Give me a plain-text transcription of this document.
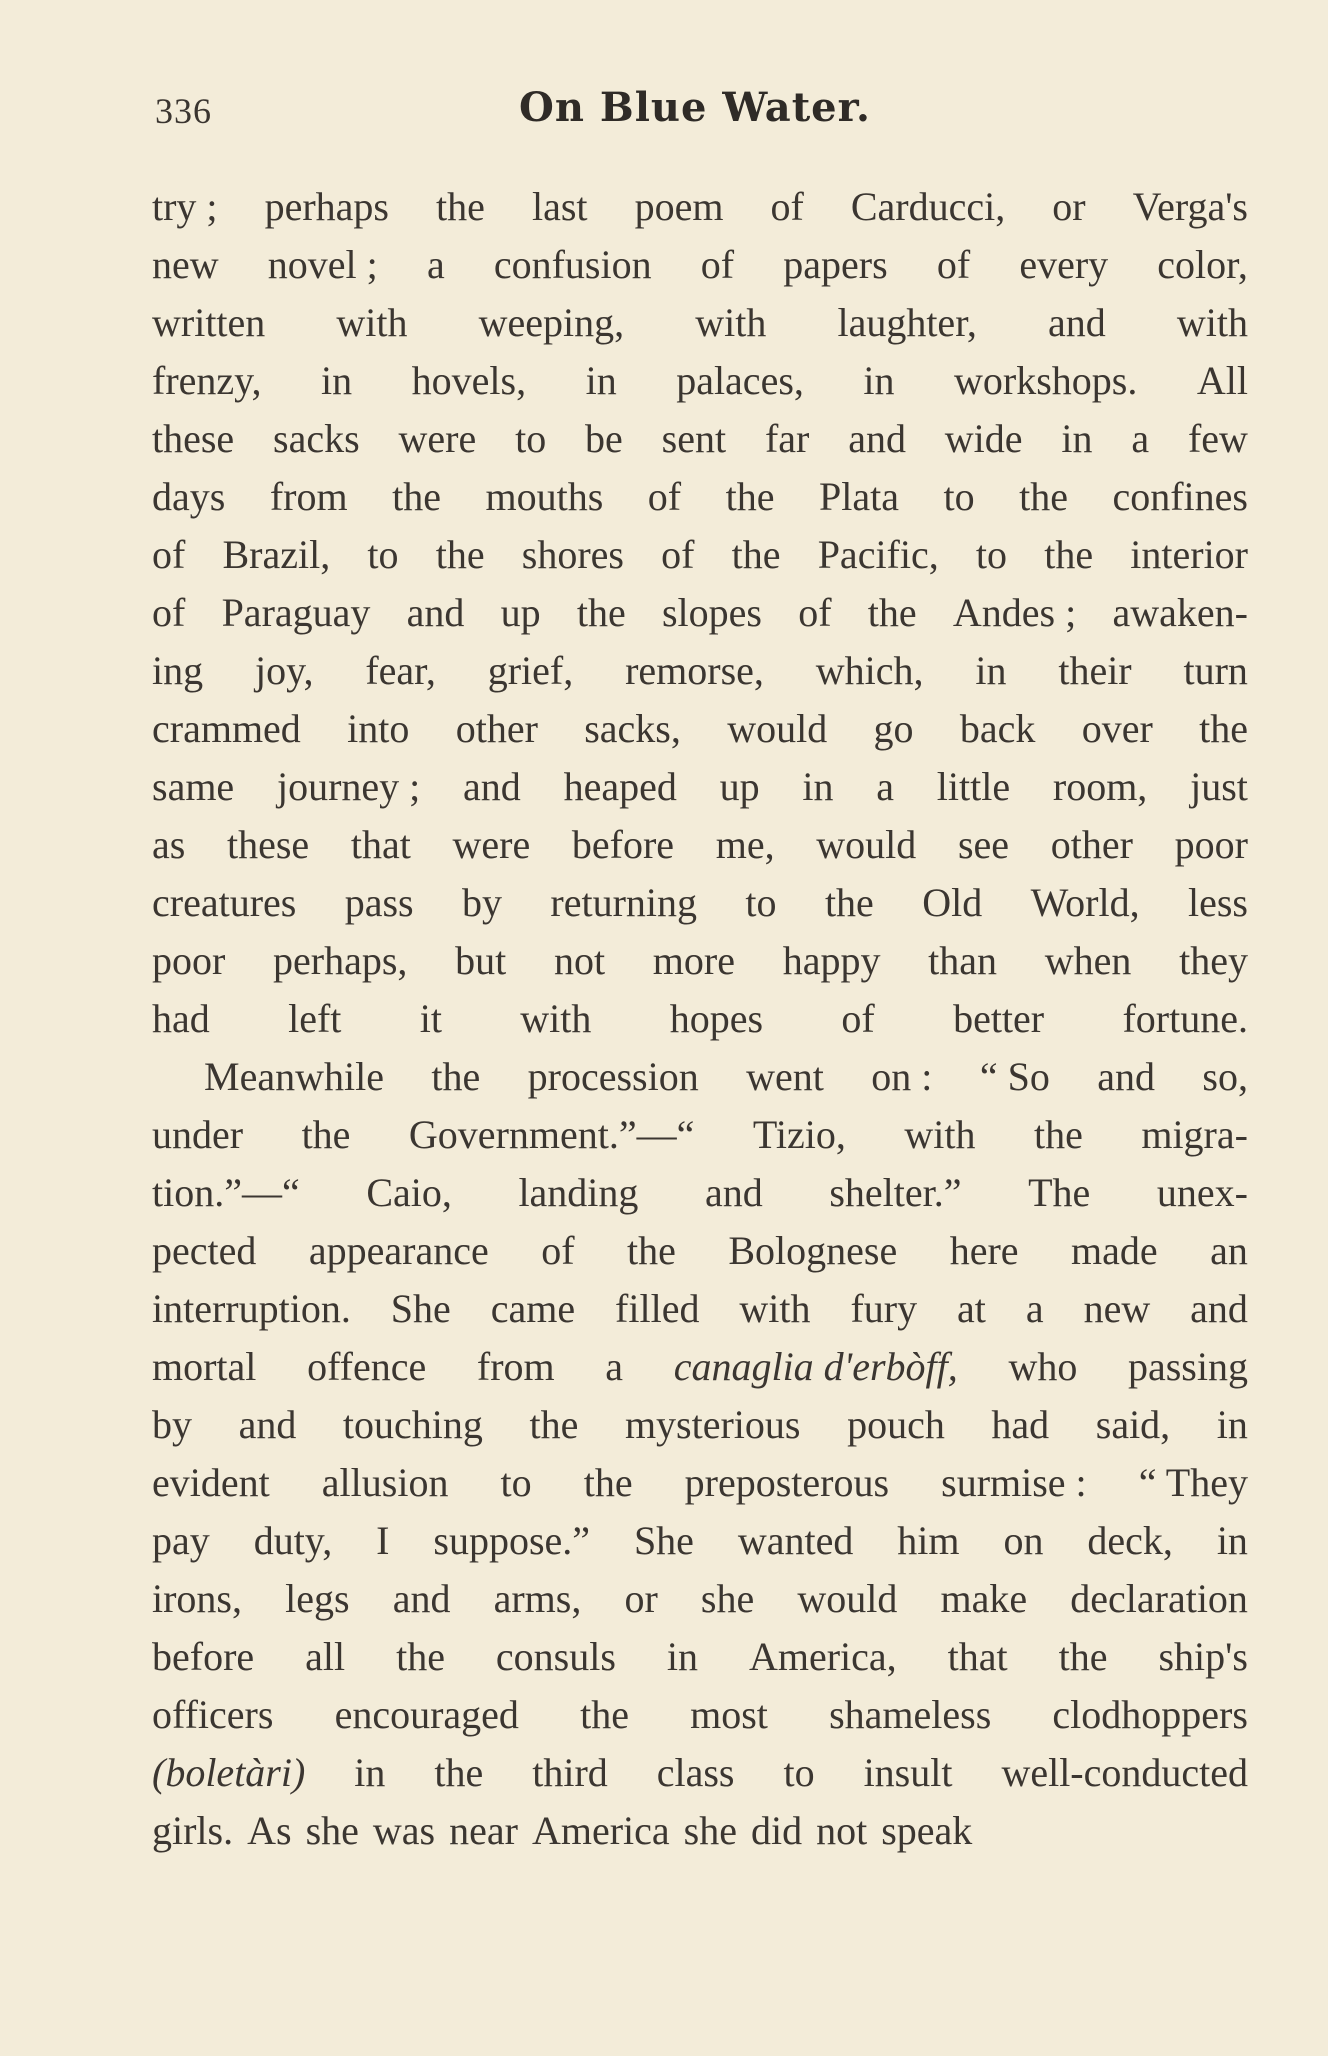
336	On Blue Water.
try ; perhaps the last poem of Carducci, or Verga's
new novel ; a confusion of papers of every color,
written with weeping, with laughter, and with
frenzy, in hovels, in palaces, in workshops. All
these sacks were to be sent far and wide in a few
days from the mouths of the Plata to the confines
of Brazil, to the shores of the Pacific, to the interior
of Paraguay and up the slopes of the Andes ; awaken-
ing joy, fear, grief, remorse, which, in their turn
crammed into other sacks, would go back over the
same journey ; and heaped up in a little room, just
as these that were before me, would see other poor
creatures pass by returning to the Old World, less
poor perhaps, but not more happy than when they
had left it with hopes of better fortune.
Meanwhile the procession went on : “ So and so,
under the Government.”—“ Tizio, with the migra-
tion.”—“ Caio, landing and shelter.” The unex-
pected appearance of the Bolognese here made an
interruption. She came filled with fury at a new and
mortal offence from a canaglia d'erbòff, who passing
by and touching the mysterious pouch had said, in
evident allusion to the preposterous surmise : “ They
pay duty, I suppose.” She wanted him on deck, in
irons, legs and arms, or she would make declaration
before all the consuls in America, that the ship's
officers encouraged the most shameless clodhoppers
(boletàri) in the third class to insult well-conducted
girls. As she was near America she did not speak
